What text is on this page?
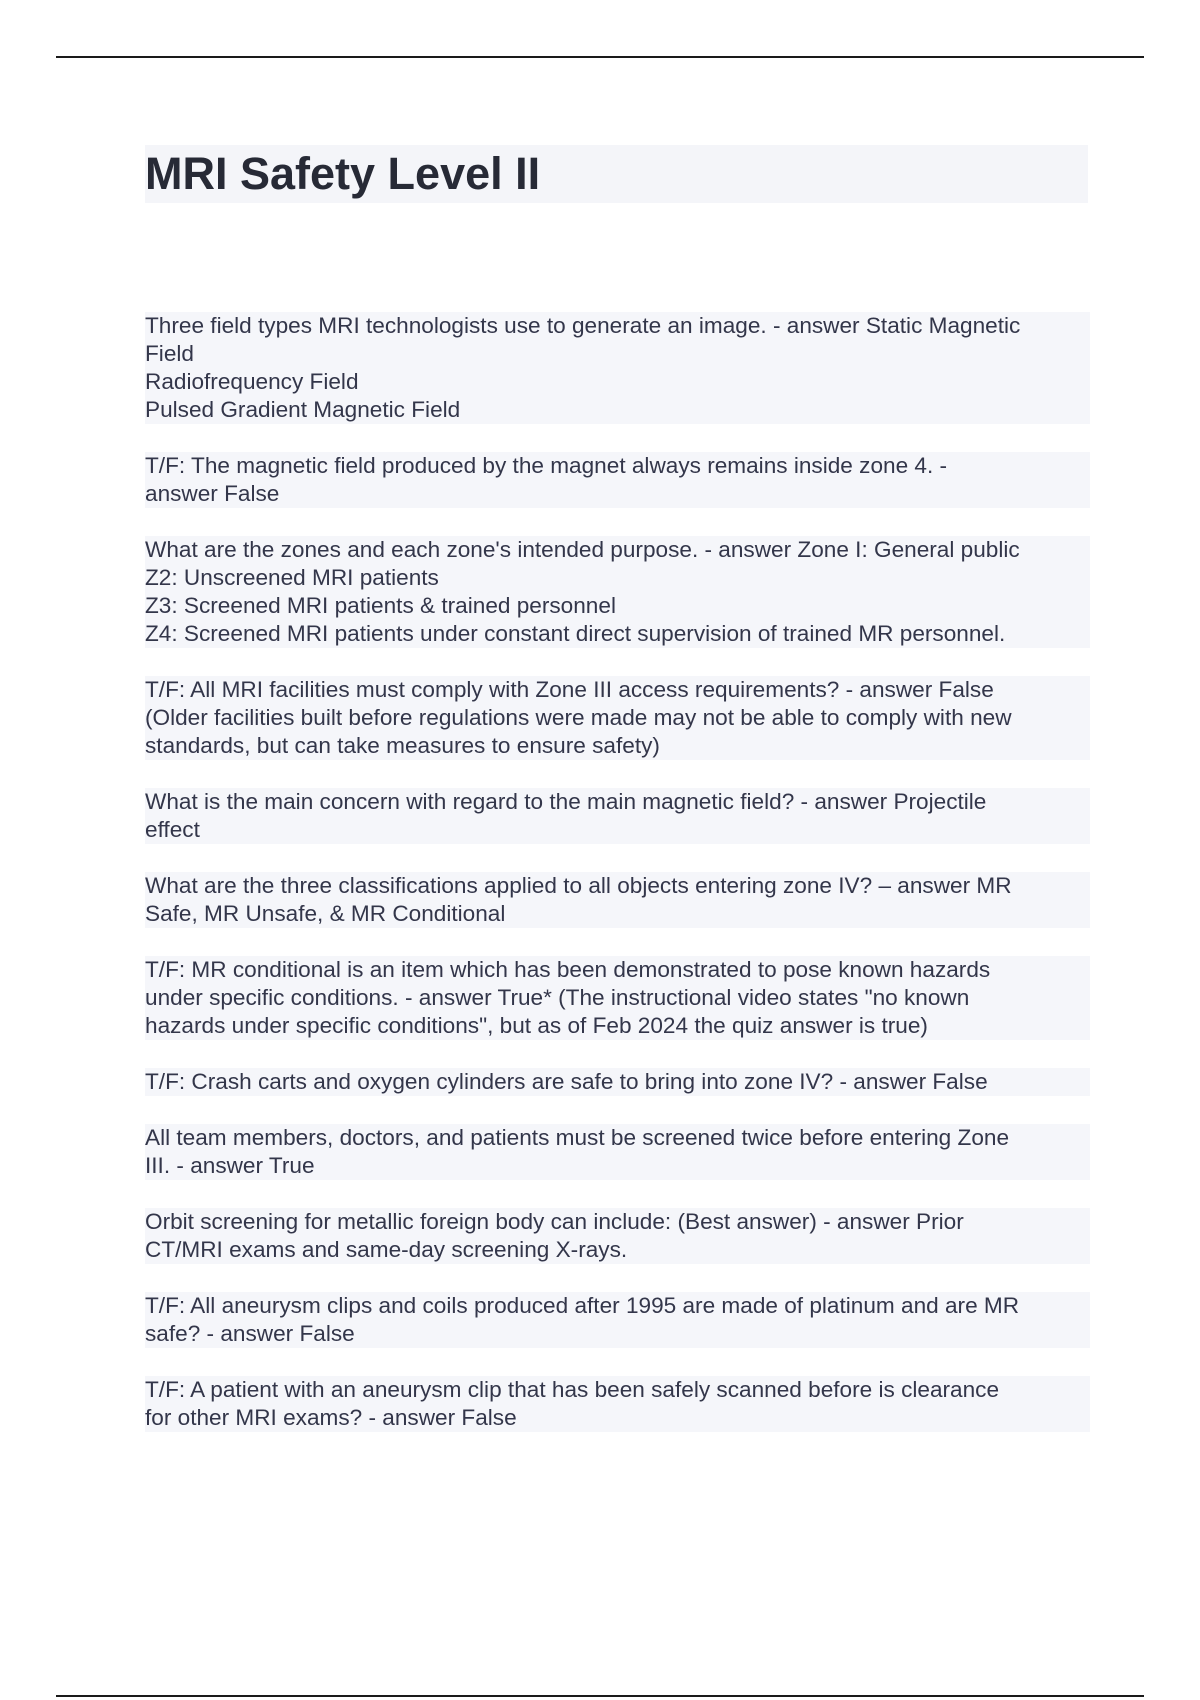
MRI Safety Level II

Three field types MRI technologists use to generate an image. - answer Static Magnetic
Field
Radiofrequency Field
Pulsed Gradient Magnetic Field

T/F: The magnetic field produced by the magnet always remains inside zone 4. -
answer False

What are the zones and each zone's intended purpose. - answer Zone I: General public
Z2: Unscreened MRI patients
Z3: Screened MRI patients & trained personnel
Z4: Screened MRI patients under constant direct supervision of trained MR personnel.

T/F: All MRI facilities must comply with Zone III access requirements? - answer False
(Older facilities built before regulations were made may not be able to comply with new
standards, but can take measures to ensure safety)

What is the main concern with regard to the main magnetic field? - answer Projectile
effect

What are the three classifications applied to all objects entering zone IV? – answer MR
Safe, MR Unsafe, & MR Conditional

T/F: MR conditional is an item which has been demonstrated to pose known hazards
under specific conditions. - answer True* (The instructional video states "no known
hazards under specific conditions", but as of Feb 2024 the quiz answer is true)

T/F: Crash carts and oxygen cylinders are safe to bring into zone IV? - answer False

All team members, doctors, and patients must be screened twice before entering Zone
III. - answer True

Orbit screening for metallic foreign body can include: (Best answer) - answer Prior
CT/MRI exams and same-day screening X-rays.

T/F: All aneurysm clips and coils produced after 1995 are made of platinum and are MR
safe? - answer False

T/F: A patient with an aneurysm clip that has been safely scanned before is clearance
for other MRI exams? - answer False
